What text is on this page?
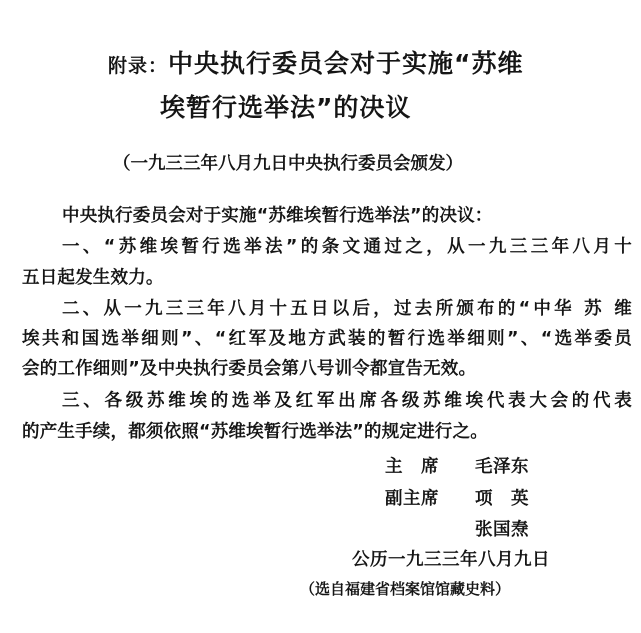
附录：中央执行委员会对于实施“苏维
埃暂行选举法”的决议
（一九三三年八月九日中央执行委员会颁发）
中央执行委员会对于实施“苏维埃暂行选举法”的决议：
一、“苏维埃暂行选举法”的条文通过之，从一九三三年八月十
五日起发生效力。
二、从一九三三年八月十五日以后，过去所颁布的“中华 苏 维
埃共和国选举细则”、“红军及地方武装的暂行选举细则”、“选举委员
会的工作细则”及中央执行委员会第八号训令都宣告无效。
三、各级苏维埃的选举及红军出席各级苏维埃代表大会的代表
的产生手续，都须依照“苏维埃暂行选举法”的规定进行之。
主　席 毛泽东
副主席 项　英
张国焘
公历一九三三年八月九日
（选自福建省档案馆馆藏史料）
